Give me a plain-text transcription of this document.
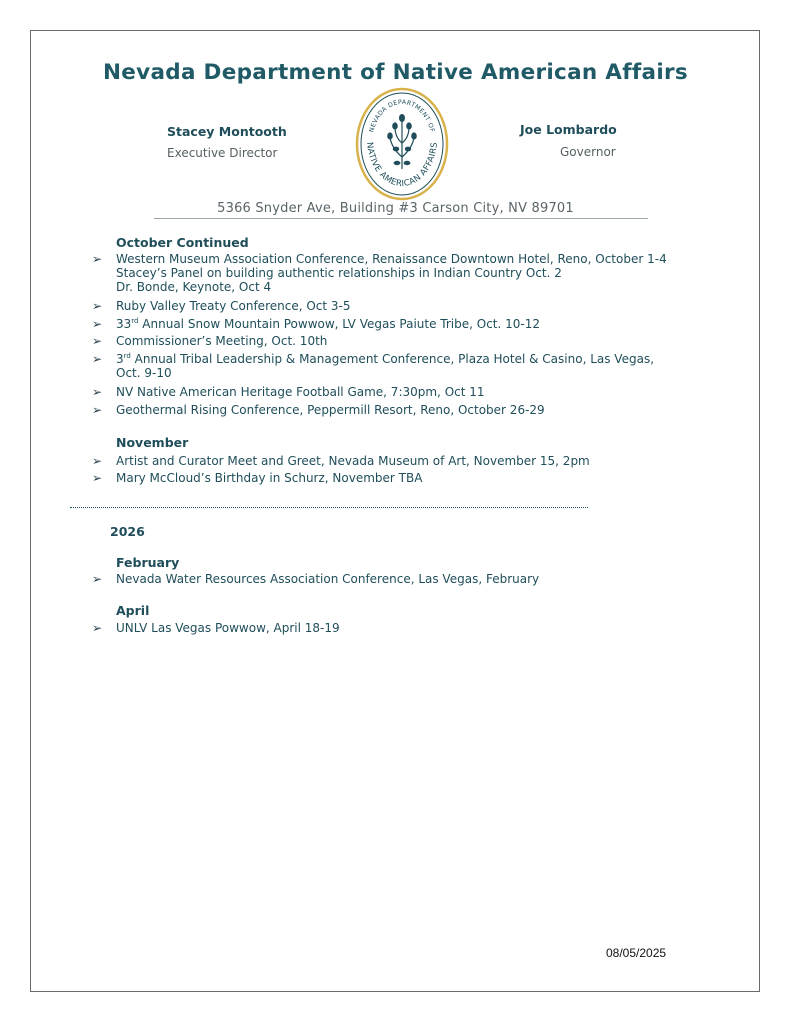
Nevada Department of Native American Affairs
Stacey Montooth
Executive Director
Joe Lombardo
Governor
NEVADA DEPARTMENT OF
NATIVE AMERICAN AFFAIRS
5366 Snyder Ave, Building #3 Carson City, NV 89701
October Continued
➢	Western Museum Association Conference, Renaissance Downtown Hotel, Reno, October 1-4
Stacey’s Panel on building authentic relationships in Indian Country Oct. 2
Dr. Bonde, Keynote, Oct 4
➢	Ruby Valley Treaty Conference, Oct 3-5
➢	33rd Annual Snow Mountain Powwow, LV Vegas Paiute Tribe, Oct. 10-12
➢	Commissioner’s Meeting, Oct. 10th
➢	3rd Annual Tribal Leadership & Management Conference, Plaza Hotel & Casino, Las Vegas,
Oct. 9-10
➢	NV Native American Heritage Football Game, 7:30pm, Oct 11
➢	Geothermal Rising Conference, Peppermill Resort, Reno, October 26-29
November
➢	Artist and Curator Meet and Greet, Nevada Museum of Art, November 15, 2pm
➢	Mary McCloud’s Birthday in Schurz, November TBA
2026
February
➢	Nevada Water Resources Association Conference, Las Vegas, February
April
➢	UNLV Las Vegas Powwow, April 18-19
08/05/2025
